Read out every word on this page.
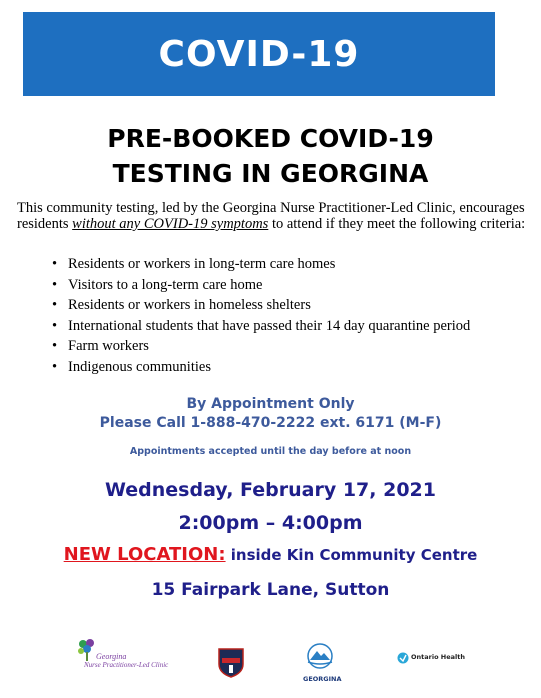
COVID-19
PRE-BOOKED COVID-19
TESTING IN GEORGINA
This community testing, led by the Georgina Nurse Practitioner-Led Clinic, encourages residents without any COVID-19 symptoms to attend if they meet the following criteria:
• Residents or workers in long-term care homes
• Visitors to a long-term care home
• Residents or workers in homeless shelters
• International students that have passed their 14 day quarantine period
• Farm workers
• Indigenous communities
By Appointment Only
Please Call 1-888-470-2222 ext. 6171 (M-F)
Appointments accepted until the day before at noon
Wednesday, February 17, 2021
2:00pm – 4:00pm
NEW LOCATION: inside Kin Community Centre
15 Fairpark Lane, Sutton
Georgina
Nurse Practitioner-Led Clinic
GEORGINA
Ontario Health
